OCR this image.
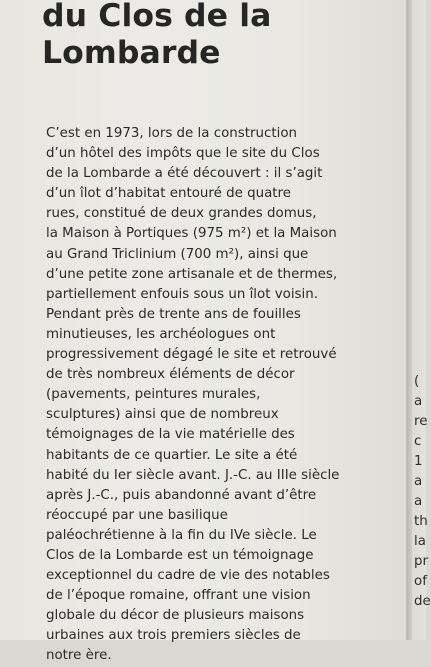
du Clos de la
Lombarde
C’est en 1973, lors de la construction
d’un hôtel des impôts que le site du Clos
de la Lombarde a été découvert : il s’agit
d’un îlot d’habitat entouré de quatre
rues, constitué de deux grandes domus,
la Maison à Portiques (975 m²) et la Maison
au Grand Triclinium (700 m²), ainsi que
d’une petite zone artisanale et de thermes,
partiellement enfouis sous un îlot voisin.
Pendant près de trente ans de fouilles
minutieuses, les archéologues ont
progressivement dégagé le site et retrouvé
de très nombreux éléments de décor
(pavements, peintures murales,
sculptures) ainsi que de nombreux
témoignages de la vie matérielle des
habitants de ce quartier. Le site a été
habité du Ier siècle avant. J.-C. au IIIe siècle
après J.-C., puis abandonné avant d’être
réoccupé par une basilique
paléochrétienne à la fin du IVe siècle. Le
Clos de la Lombarde est un témoignage
exceptionnel du cadre de vie des notables
de l’époque romaine, offrant une vision
globale du décor de plusieurs maisons
urbaines aux trois premiers siècles de
notre ère.
(
a
re
c
1
a
a
th
la
pr
of
de
